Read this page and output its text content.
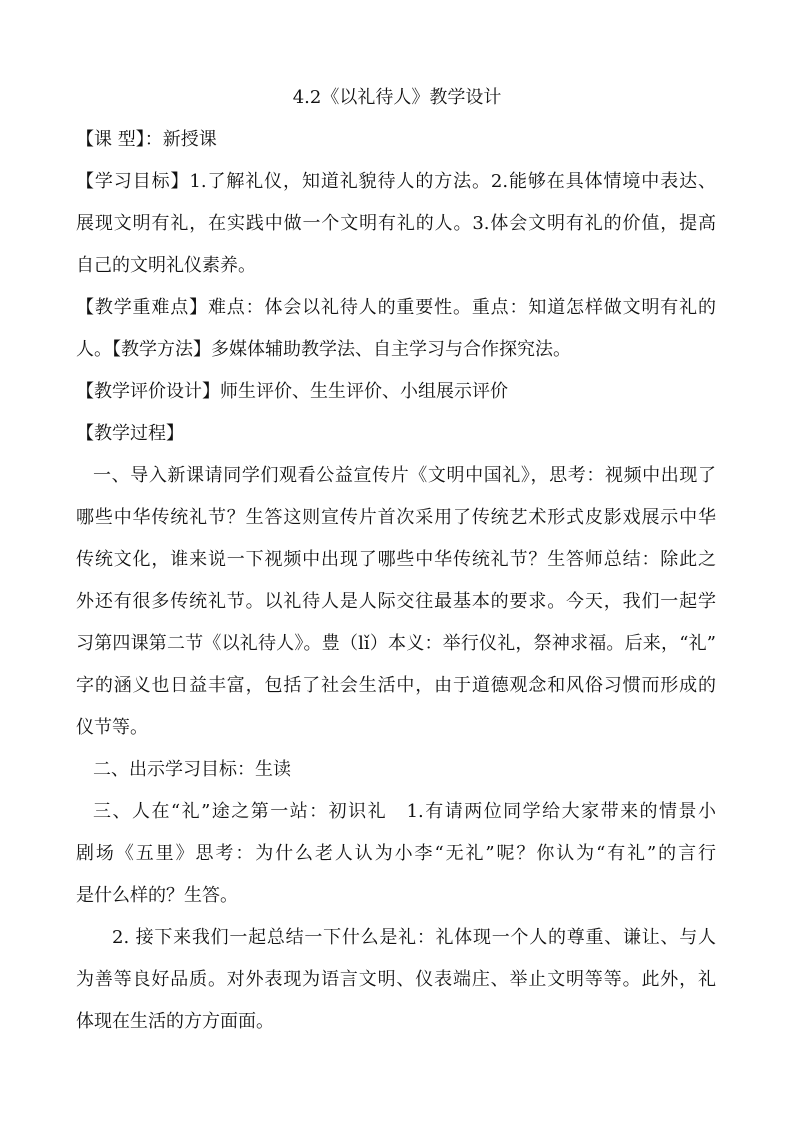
4.2《以礼待人》教学设计
【课 型】：新授课
【学习目标】1.了解礼仪，知道礼貌待人的方法。2.能够在具体情境中表达、
展现文明有礼，在实践中做一个文明有礼的人。3.体会文明有礼的价值，提高
自己的文明礼仪素养。
【教学重难点】难点：体会以礼待人的重要性。重点：知道怎样做文明有礼的
人。【教学方法】多媒体辅助教学法、自主学习与合作探究法。
【教学评价设计】师生评价、生生评价、小组展示评价
【教学过程】
一、导入新课请同学们观看公益宣传片《文明中国礼》，思考：视频中出现了
哪些中华传统礼节？生答这则宣传片首次采用了传统艺术形式皮影戏展示中华
传统文化，谁来说一下视频中出现了哪些中华传统礼节？生答师总结：除此之
外还有很多传统礼节。以礼待人是人际交往最基本的要求。今天，我们一起学
习第四课第二节《以礼待人》。豊（lǐ）本义：举行仪礼，祭神求福。后来，“礼”
字的涵义也日益丰富，包括了社会生活中，由于道德观念和风俗习惯而形成的
仪节等。
二、出示学习目标：生读
三、人在“礼”途之第一站：初识礼　1.有请两位同学给大家带来的情景小
剧场《五里》思考：为什么老人认为小李“无礼”呢？你认为“有礼”的言行
是什么样的？生答。
2. 接下来我们一起总结一下什么是礼：礼体现一个人的尊重、谦让、与人
为善等良好品质。对外表现为语言文明、仪表端庄、举止文明等等。此外，礼
体现在生活的方方面面。
